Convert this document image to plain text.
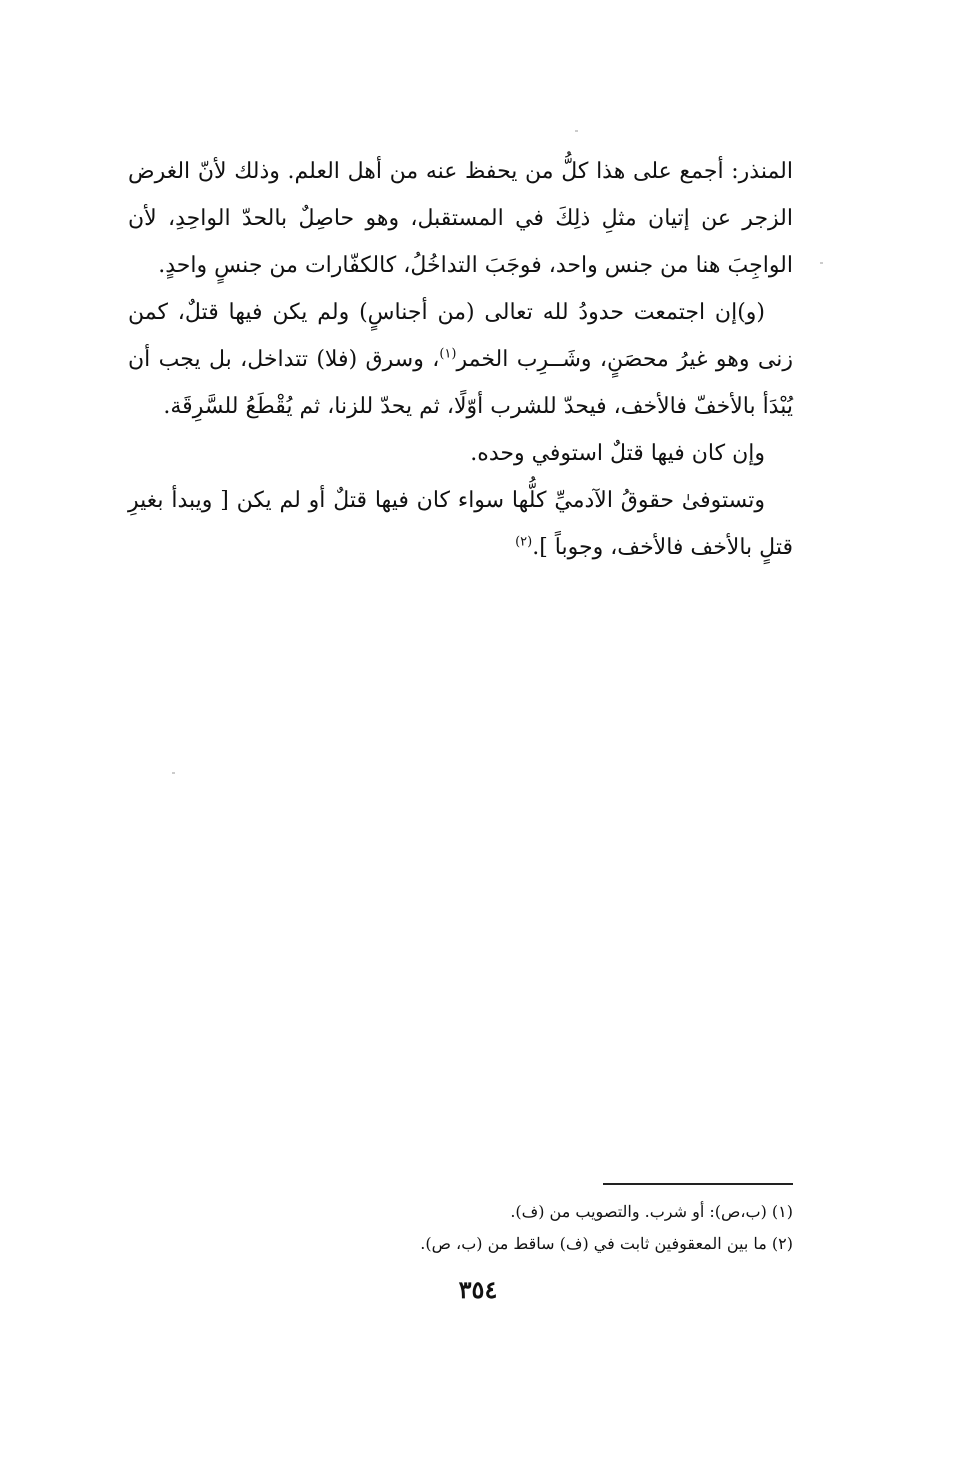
المنذر: أجمع على هذا كلُّ من يحفظ عنه من أهل العلم. وذلك لأنّ الغرض الزجر عن إتيان مثلِ ذلِكَ في المستقبل، وهو حاصِلٌ بالحدّ الواحِدِ، لأن الواجِبَ هنا من جنس واحد، فوجَبَ التداخُلُ، كالكفّارات من جنسٍ واحدٍ.

(و)إن اجتمعت حدودُ لله تعالى (من أجناسٍ) ولم يكن فيها قتلٌ، كمن زنى وهو غيرُ محصَنٍ، وشَــرِب الخمر$^{(١)}$، وسرق (فلا) تتداخل، بل يجب أن يُبْدَأ بالأخفّ فالأخف، فيحدّ للشرب أوّلًا، ثم يحدّ للزنا، ثم يُقْطَعُ للسَّرِقَة.

وإن كان فيها قتلٌ استوفي وحده.

وتستوفىٰ حقوقُ الآدميِّ كلُّها سواء كان فيها قتلٌ أو لم يكن [ ويبدأ بغيرِ قتلٍ بالأخف فالأخف، وجوباً ].$^{(٢)}$

(١) (ب،ص): أو شرب. والتصويب من (ف).

(٢) ما بين المعقوفين ثابت في (ف) ساقط من (ب، ص).

٣٥٤
